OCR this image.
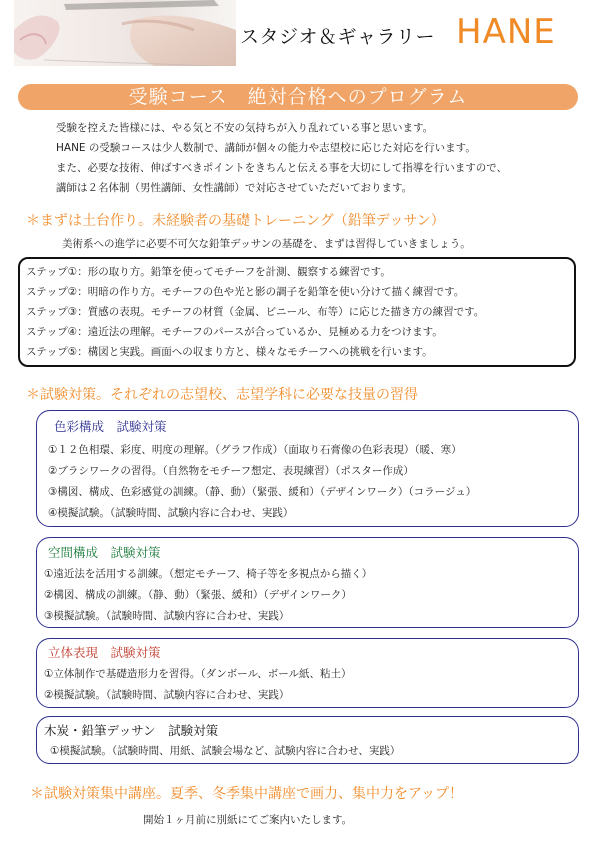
スタジオ＆ギャラリー HANE
受験コース　絶対合格へのプログラム
受験を控えた皆様には、やる気と不安の気持ちが入り乱れている事と思います。
HANE の受験コースは少人数制で、講師が個々の能力や志望校に応じた対応を行います。
また、必要な技術、伸ばすべきポイントをきちんと伝える事を大切にして指導を行いますので、
講師は２名体制（男性講師、女性講師）で対応させていただいております。
＊まずは土台作り。未経験者の基礎トレーニング（鉛筆デッサン）
美術系への進学に必要不可欠な鉛筆デッサンの基礎を、まずは習得していきましょう。
ステップ①：形の取り方。鉛筆を使ってモチーフを計測、観察する練習です。
ステップ②：明暗の作り方。モチーフの色や光と影の調子を鉛筆を使い分けて描く練習です。
ステップ③：質感の表現。モチーフの材質（金属、ビニール、布等）に応じた描き方の練習です。
ステップ④：遠近法の理解。モチーフのパースが合っているか、見極める力をつけます。
ステップ⑤：構図と実践。画面への収まり方と、様々なモチーフへの挑戦を行います。
＊試験対策。それぞれの志望校、志望学科に必要な技量の習得
色彩構成　試験対策
①１２色相環、彩度、明度の理解。（グラフ作成）（面取り石膏像の色彩表現）（暖、寒）
②ブラシワークの習得。（自然物をモチーフ想定、表現練習）（ポスター作成）
③構図、構成、色彩感覚の訓練。（静、動）（緊張、緩和）（デザインワーク）（コラージュ）
④模擬試験。（試験時間、試験内容に合わせ、実践）
空間構成　試験対策
①遠近法を活用する訓練。（想定モチーフ、椅子等を多視点から描く）
②構図、構成の訓練。（静、動）（緊張、緩和）（デザインワーク）
③模擬試験。（試験時間、試験内容に合わせ、実践）
立体表現　試験対策
①立体制作で基礎造形力を習得。（ダンボール、ボール紙、粘土）
②模擬試験。（試験時間、試験内容に合わせ、実践）
木炭・鉛筆デッサン　試験対策
①模擬試験。（試験時間、用紙、試験会場など、試験内容に合わせ、実践）
＊試験対策集中講座。夏季、冬季集中講座で画力、集中力をアップ！
開始１ヶ月前に別紙にてご案内いたします。
